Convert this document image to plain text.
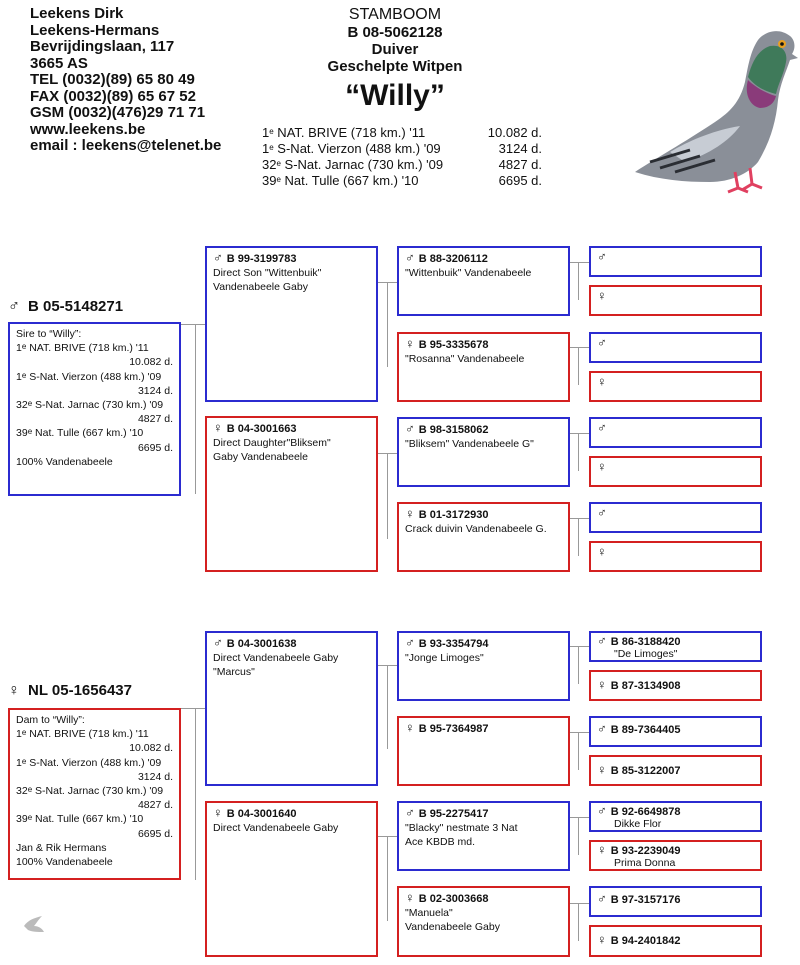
Leekens Dirk
Leekens-Hermans
Bevrijdingslaan, 117
3665 AS
TEL (0032)(89) 65 80 49
FAX (0032)(89) 65 67 52
GSM (0032)(476)29 71 71
www.leekens.be
email : leekens@telenet.be
STAMBOOM
B 08-5062128
Duiver
Geschelpte Witpen
“Willy”
1e NAT. BRIVE (718 km.) '11	10.082 d.
1e S-Nat. Vierzon (488 km.) '09	3124 d.
32e S-Nat. Jarnac (730 km.) '09	4827 d.
39e Nat. Tulle (667 km.) '10	6695 d.
♂ B 05-5148271
Sire to “Willy”:
1e NAT. BRIVE (718 km.) '11
10.082 d.
1e S-Nat. Vierzon (488 km.) '09
3124 d.
32e S-Nat. Jarnac (730 km.) '09
4827 d.
39e Nat. Tulle (667 km.) '10
6695 d.
100% Vandenabeele
♀ NL 05-1656437
Dam to “Willy”:
1e NAT. BRIVE (718 km.) '11
10.082 d.
1e S-Nat. Vierzon (488 km.) '09
3124 d.
32e S-Nat. Jarnac (730 km.) '09
4827 d.
39e Nat. Tulle (667 km.) '10
6695 d.
Jan & Rik Hermans
100% Vandenabeele
♂ B 99-3199783
Direct Son "Wittenbuik"
Vandenabeele Gaby
♀ B 04-3001663
Direct Daughter"Bliksem"
Gaby Vandenabeele
♂ B 04-3001638
Direct Vandenabeele Gaby
"Marcus"
♀ B 04-3001640
Direct Vandenabeele Gaby
♂ B 88-3206112
"Wittenbuik" Vandenabeele
♀ B 95-3335678
"Rosanna" Vandenabeele
♂ B 98-3158062
"Bliksem" Vandenabeele G"
♀ B 01-3172930
Crack duivin Vandenabeele G.
♂ B 93-3354794
"Jonge Limoges"
♀ B 95-7364987
♂ B 95-2275417
"Blacky" nestmate 3 Nat
Ace KBDB md.
♀ B 02-3003668
"Manuela"
Vandenabeele Gaby
♂
♀
♂
♀
♂
♀
♂
♀
♂ B 86-3188420
"De Limoges"
♀ B 87-3134908
♂ B 89-7364405
♀ B 85-3122007
♂ B 92-6649878
Dikke Flor
♀ B 93-2239049
Prima Donna
♂ B 97-3157176
♀ B 94-2401842
